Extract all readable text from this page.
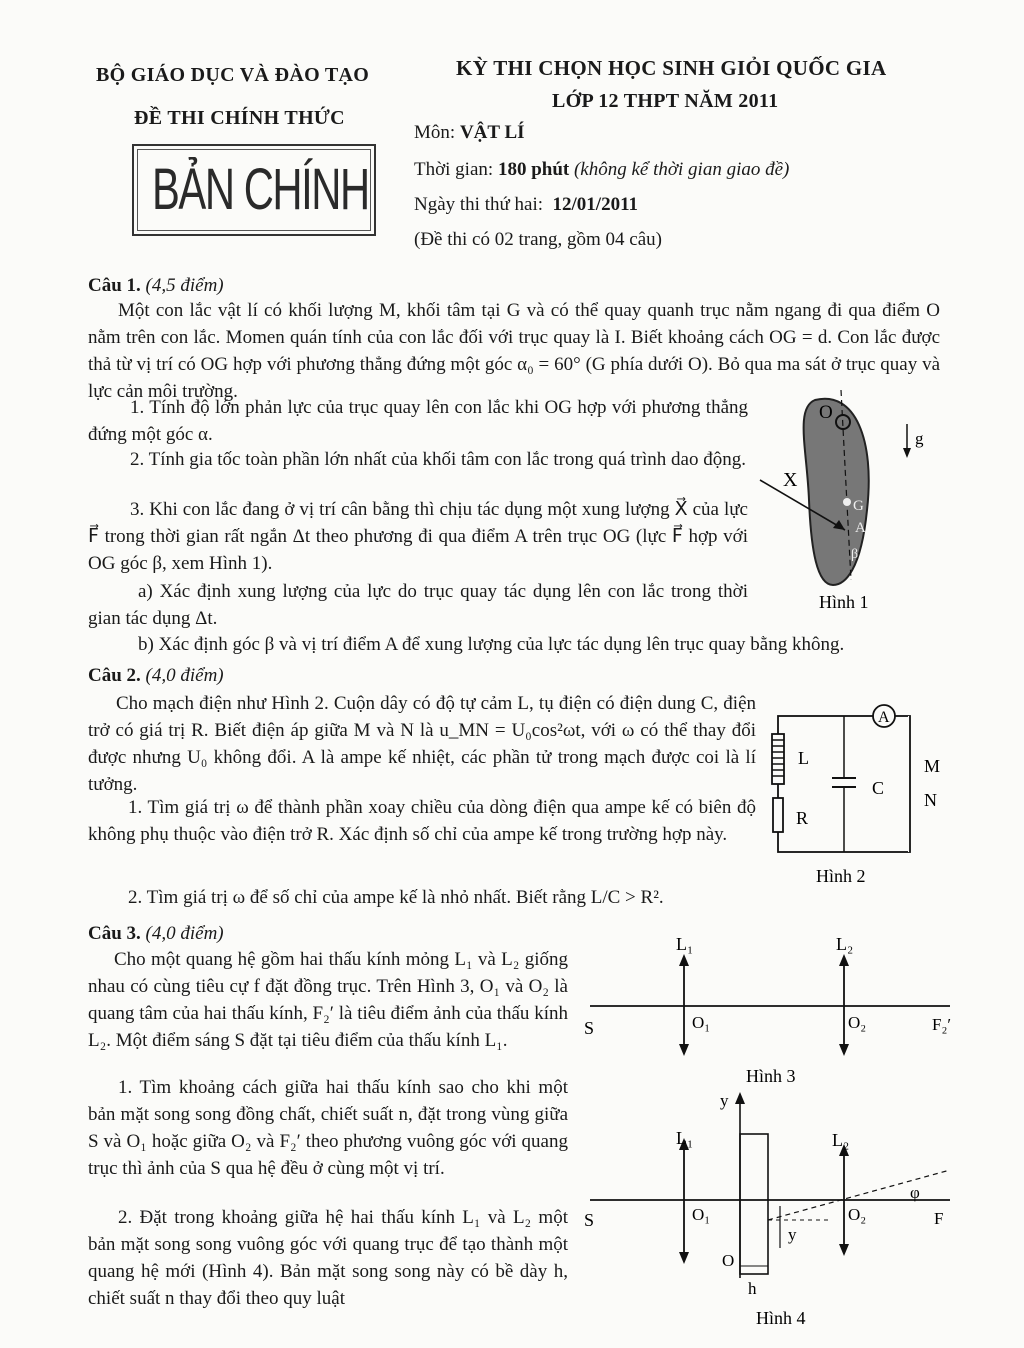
BỘ GIÁO DỤC VÀ ĐÀO TẠO
ĐỀ THI CHÍNH THỨC
BẢN CHÍNH
KỲ THI CHỌN HỌC SINH GIỎI QUỐC GIA
LỚP 12 THPT NĂM 2011
Môn: VẬT LÍ
Thời gian: 180 phút (không kể thời gian giao đề)
Ngày thi thứ hai:  12/01/2011
(Đề thi có 02 trang, gồm 04 câu)
Câu 1. (4,5 điểm)
Một con lắc vật lí có khối lượng M, khối tâm tại G và có thể quay quanh trục nằm ngang đi qua điểm O nằm trên con lắc. Momen quán tính của con lắc đối với trục quay là I. Biết khoảng cách OG = d. Con lắc được thả từ vị trí có OG hợp với phương thẳng đứng một góc α₀ = 60° (G phía dưới O). Bỏ qua ma sát ở trục quay và lực cản môi trường.
1. Tính độ lớn phản lực của trục quay lên con lắc khi OG hợp với phương thẳng đứng một góc α.
2. Tính gia tốc toàn phần lớn nhất của khối tâm con lắc trong quá trình dao động.
3. Khi con lắc đang ở vị trí cân bằng thì chịu tác dụng một xung lượng X⃗ của lực F⃗ trong thời gian rất ngắn Δt theo phương đi qua điểm A trên trục OG (lực F⃗ hợp với OG góc β, xem Hình 1).
a) Xác định xung lượng của lực do trục quay tác dụng lên con lắc trong thời gian tác dụng Δt.
b) Xác định góc β và vị trí điểm A để xung lượng của lực tác dụng lên trục quay bằng không.
O
g
X
G
A
β
Hình 1
Câu 2. (4,0 điểm)
Cho mạch điện như Hình 2. Cuộn dây có độ tự cảm L, tụ điện có điện dung C, điện trở có giá trị R. Biết điện áp giữa M và N là u_MN = U₀cos²ωt, với ω có thể thay đổi được nhưng U₀ không đổi. A là ampe kế nhiệt, các phần tử trong mạch được coi là lí tưởng.
1. Tìm giá trị ω để thành phần xoay chiều của dòng điện qua ampe kế có biên độ không phụ thuộc vào điện trở R. Xác định số chỉ của ampe kế trong trường hợp này.
2. Tìm giá trị ω để số chỉ của ampe kế là nhỏ nhất. Biết rằng L/C > R².
A
L
C
R
M
N
Hình 2
Câu 3. (4,0 điểm)
Cho một quang hệ gồm hai thấu kính mỏng L₁ và L₂ giống nhau có cùng tiêu cự f đặt đồng trục. Trên Hình 3, O₁ và O₂ là quang tâm của hai thấu kính, F₂′ là tiêu điểm ảnh của thấu kính L₂. Một điểm sáng S đặt tại tiêu điểm của thấu kính L₁.
1. Tìm khoảng cách giữa hai thấu kính sao cho khi một bản mặt song song đồng chất, chiết suất n, đặt trong vùng giữa S và O₁ hoặc giữa O₂ và F₂′ theo phương vuông góc với quang trục thì ảnh của S qua hệ đều ở cùng một vị trí.
2. Đặt trong khoảng giữa hệ hai thấu kính L₁ và L₂ một bản mặt song song vuông góc với quang trục để tạo thành một quang hệ mới (Hình 4). Bản mặt song song này có bề dày h, chiết suất n thay đổi theo quy luật
L₁	L₂
S	O₁	O₂	F₂′
Hình 3
y
L₁	L₂
S	O₁	O₂	F
y
O
h
φ
Hình 4
